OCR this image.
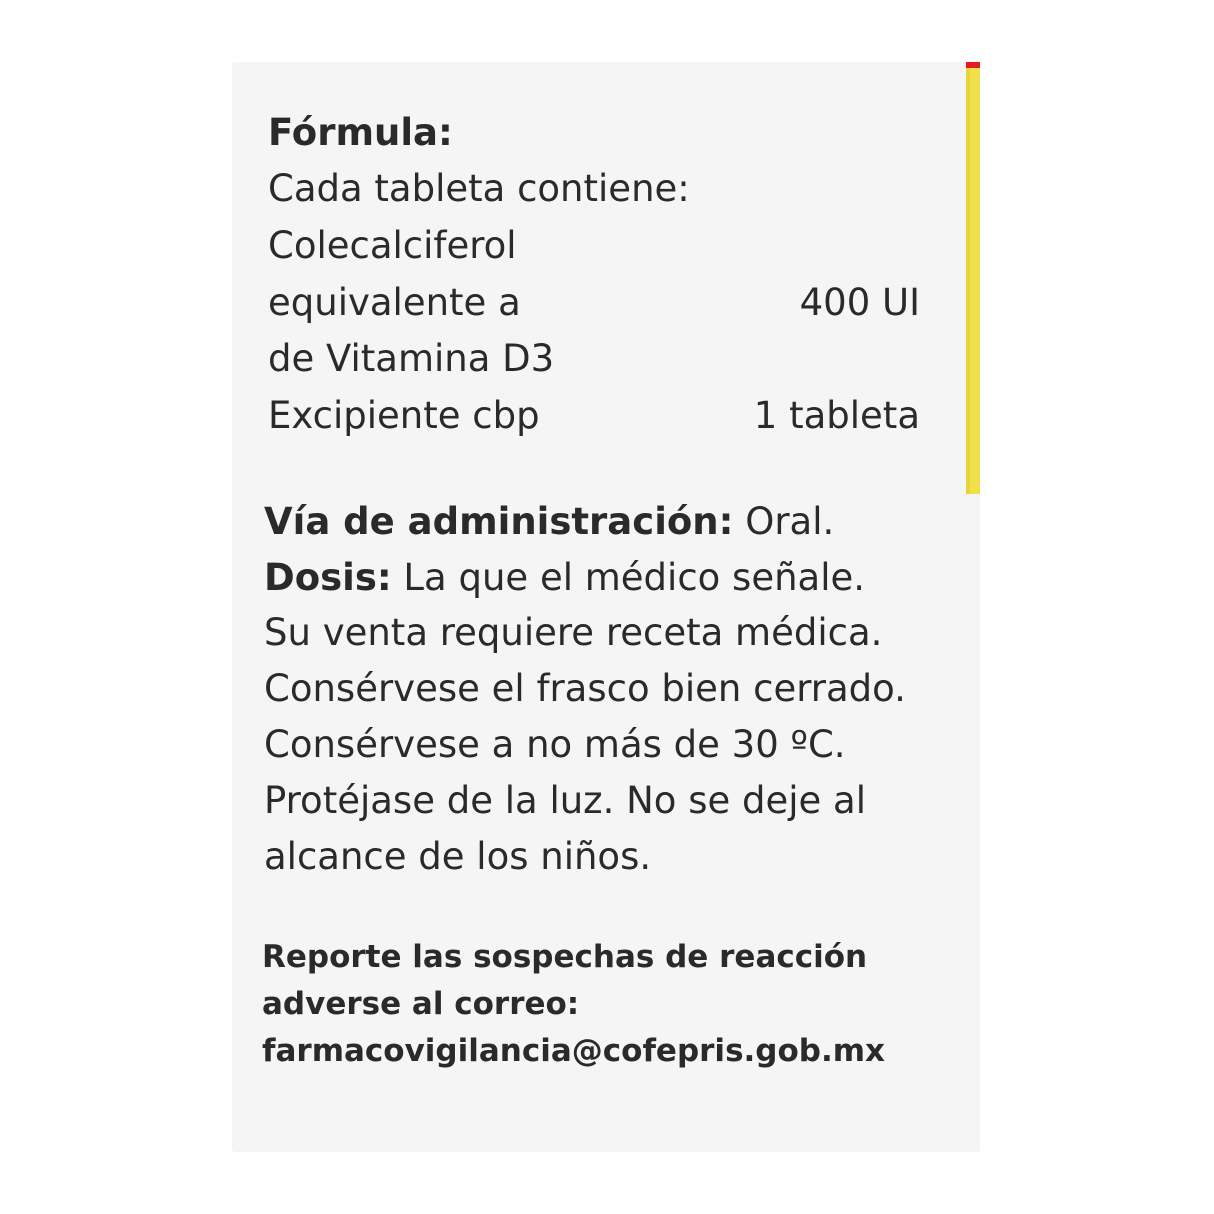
Fórmula:

Cada tableta contiene:

Colecalciferol

equivalente a	400 UI

de Vitamina D3

Excipiente cbp	1 tableta

Vía de administración: Oral.

Dosis: La que el médico señale.

Su venta requiere receta médica.

Consérvese el frasco bien cerrado.

Consérvese a no más de 30 ºC.

Protéjase de la luz. No se deje al

alcance de los niños.

Reporte las sospechas de reacción

adverse al correo:

farmacovigilancia@cofepris.gob.mx
